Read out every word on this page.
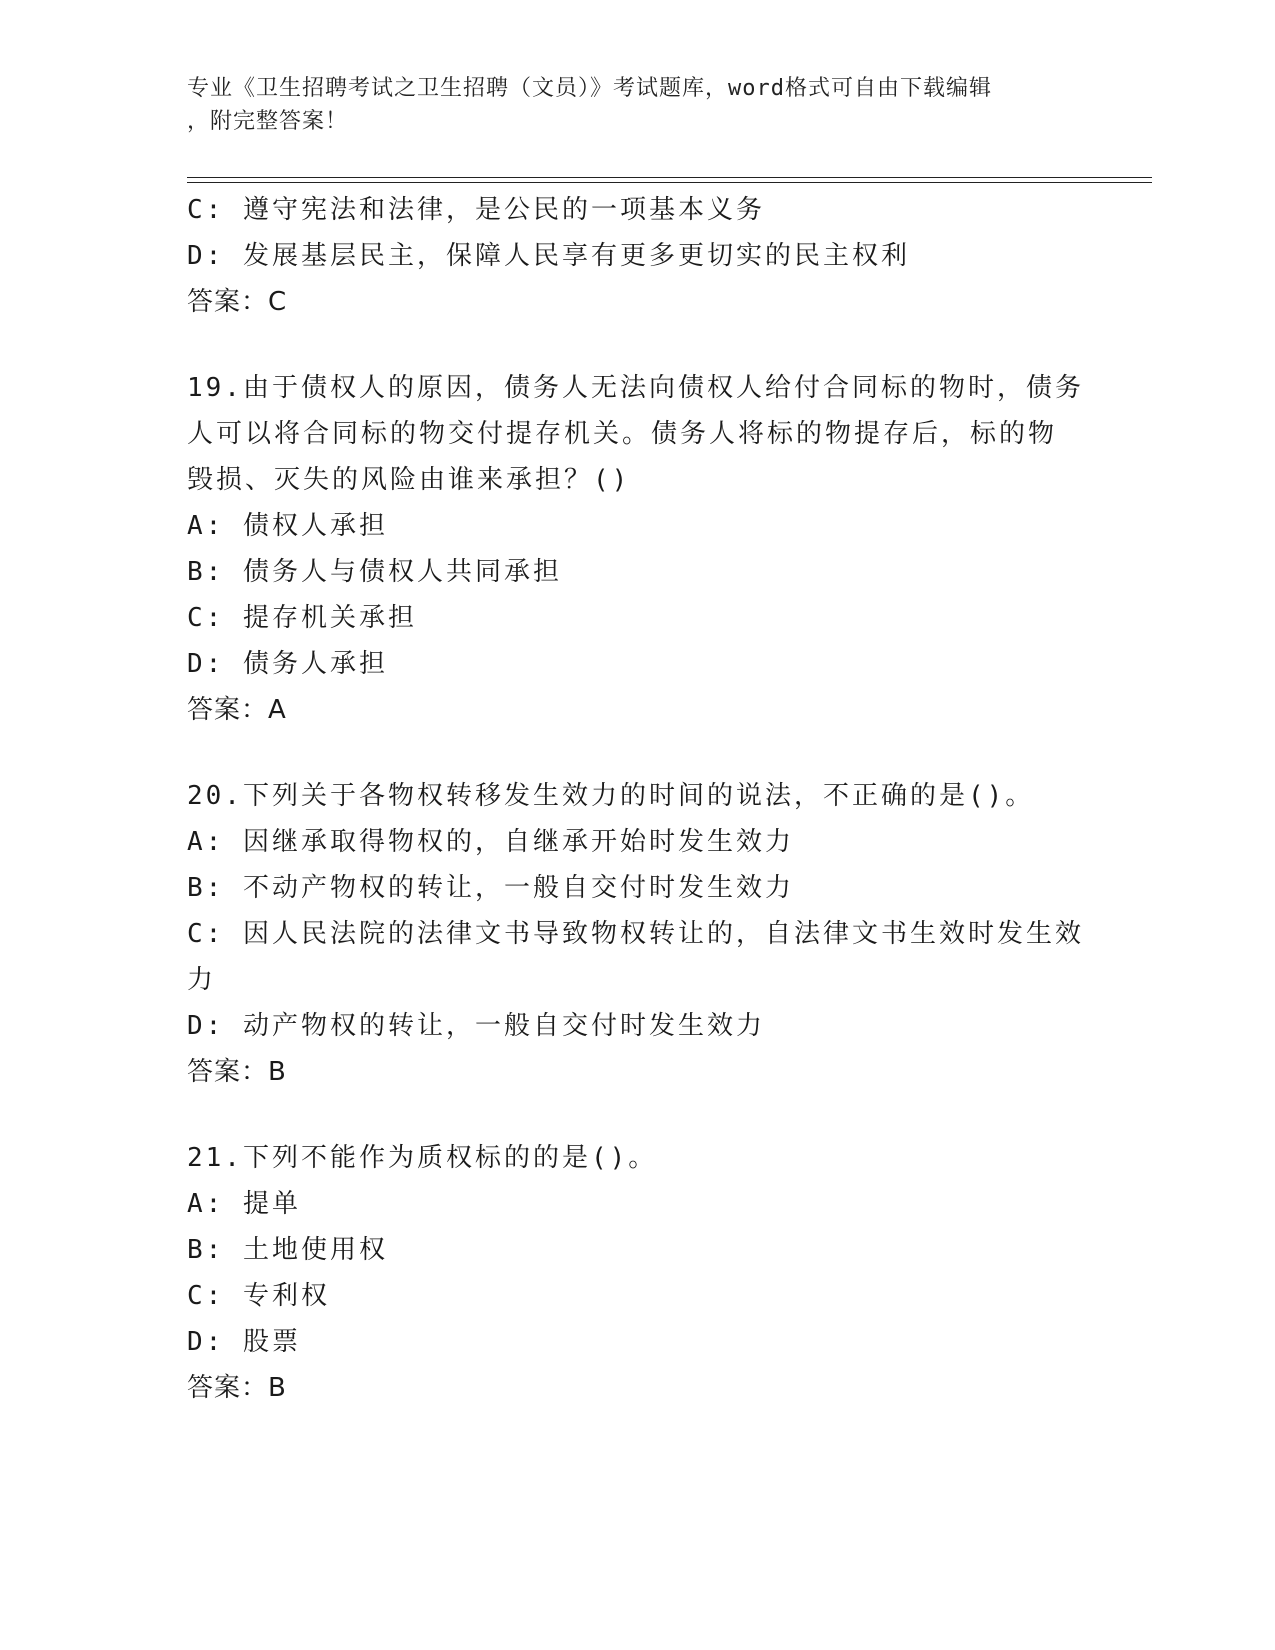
专业《卫生招聘考试之卫生招聘（文员）》考试题库，word格式可自由下载编辑
，附完整答案！
C: 遵守宪法和法律，是公民的一项基本义务
D: 发展基层民主，保障人民享有更多更切实的民主权利
答案：C
19.由于债权人的原因，债务人无法向债权人给付合同标的物时，债务
人可以将合同标的物交付提存机关。债务人将标的物提存后，标的物
毁损、灭失的风险由谁来承担？()
A: 债权人承担
B: 债务人与债权人共同承担
C: 提存机关承担
D: 债务人承担
答案：A
20.下列关于各物权转移发生效力的时间的说法，不正确的是()。
A: 因继承取得物权的，自继承开始时发生效力
B: 不动产物权的转让，一般自交付时发生效力
C: 因人民法院的法律文书导致物权转让的，自法律文书生效时发生效
力
D: 动产物权的转让，一般自交付时发生效力
答案：B
21.下列不能作为质权标的的是()。
A: 提单
B: 土地使用权
C: 专利权
D: 股票
答案：B
